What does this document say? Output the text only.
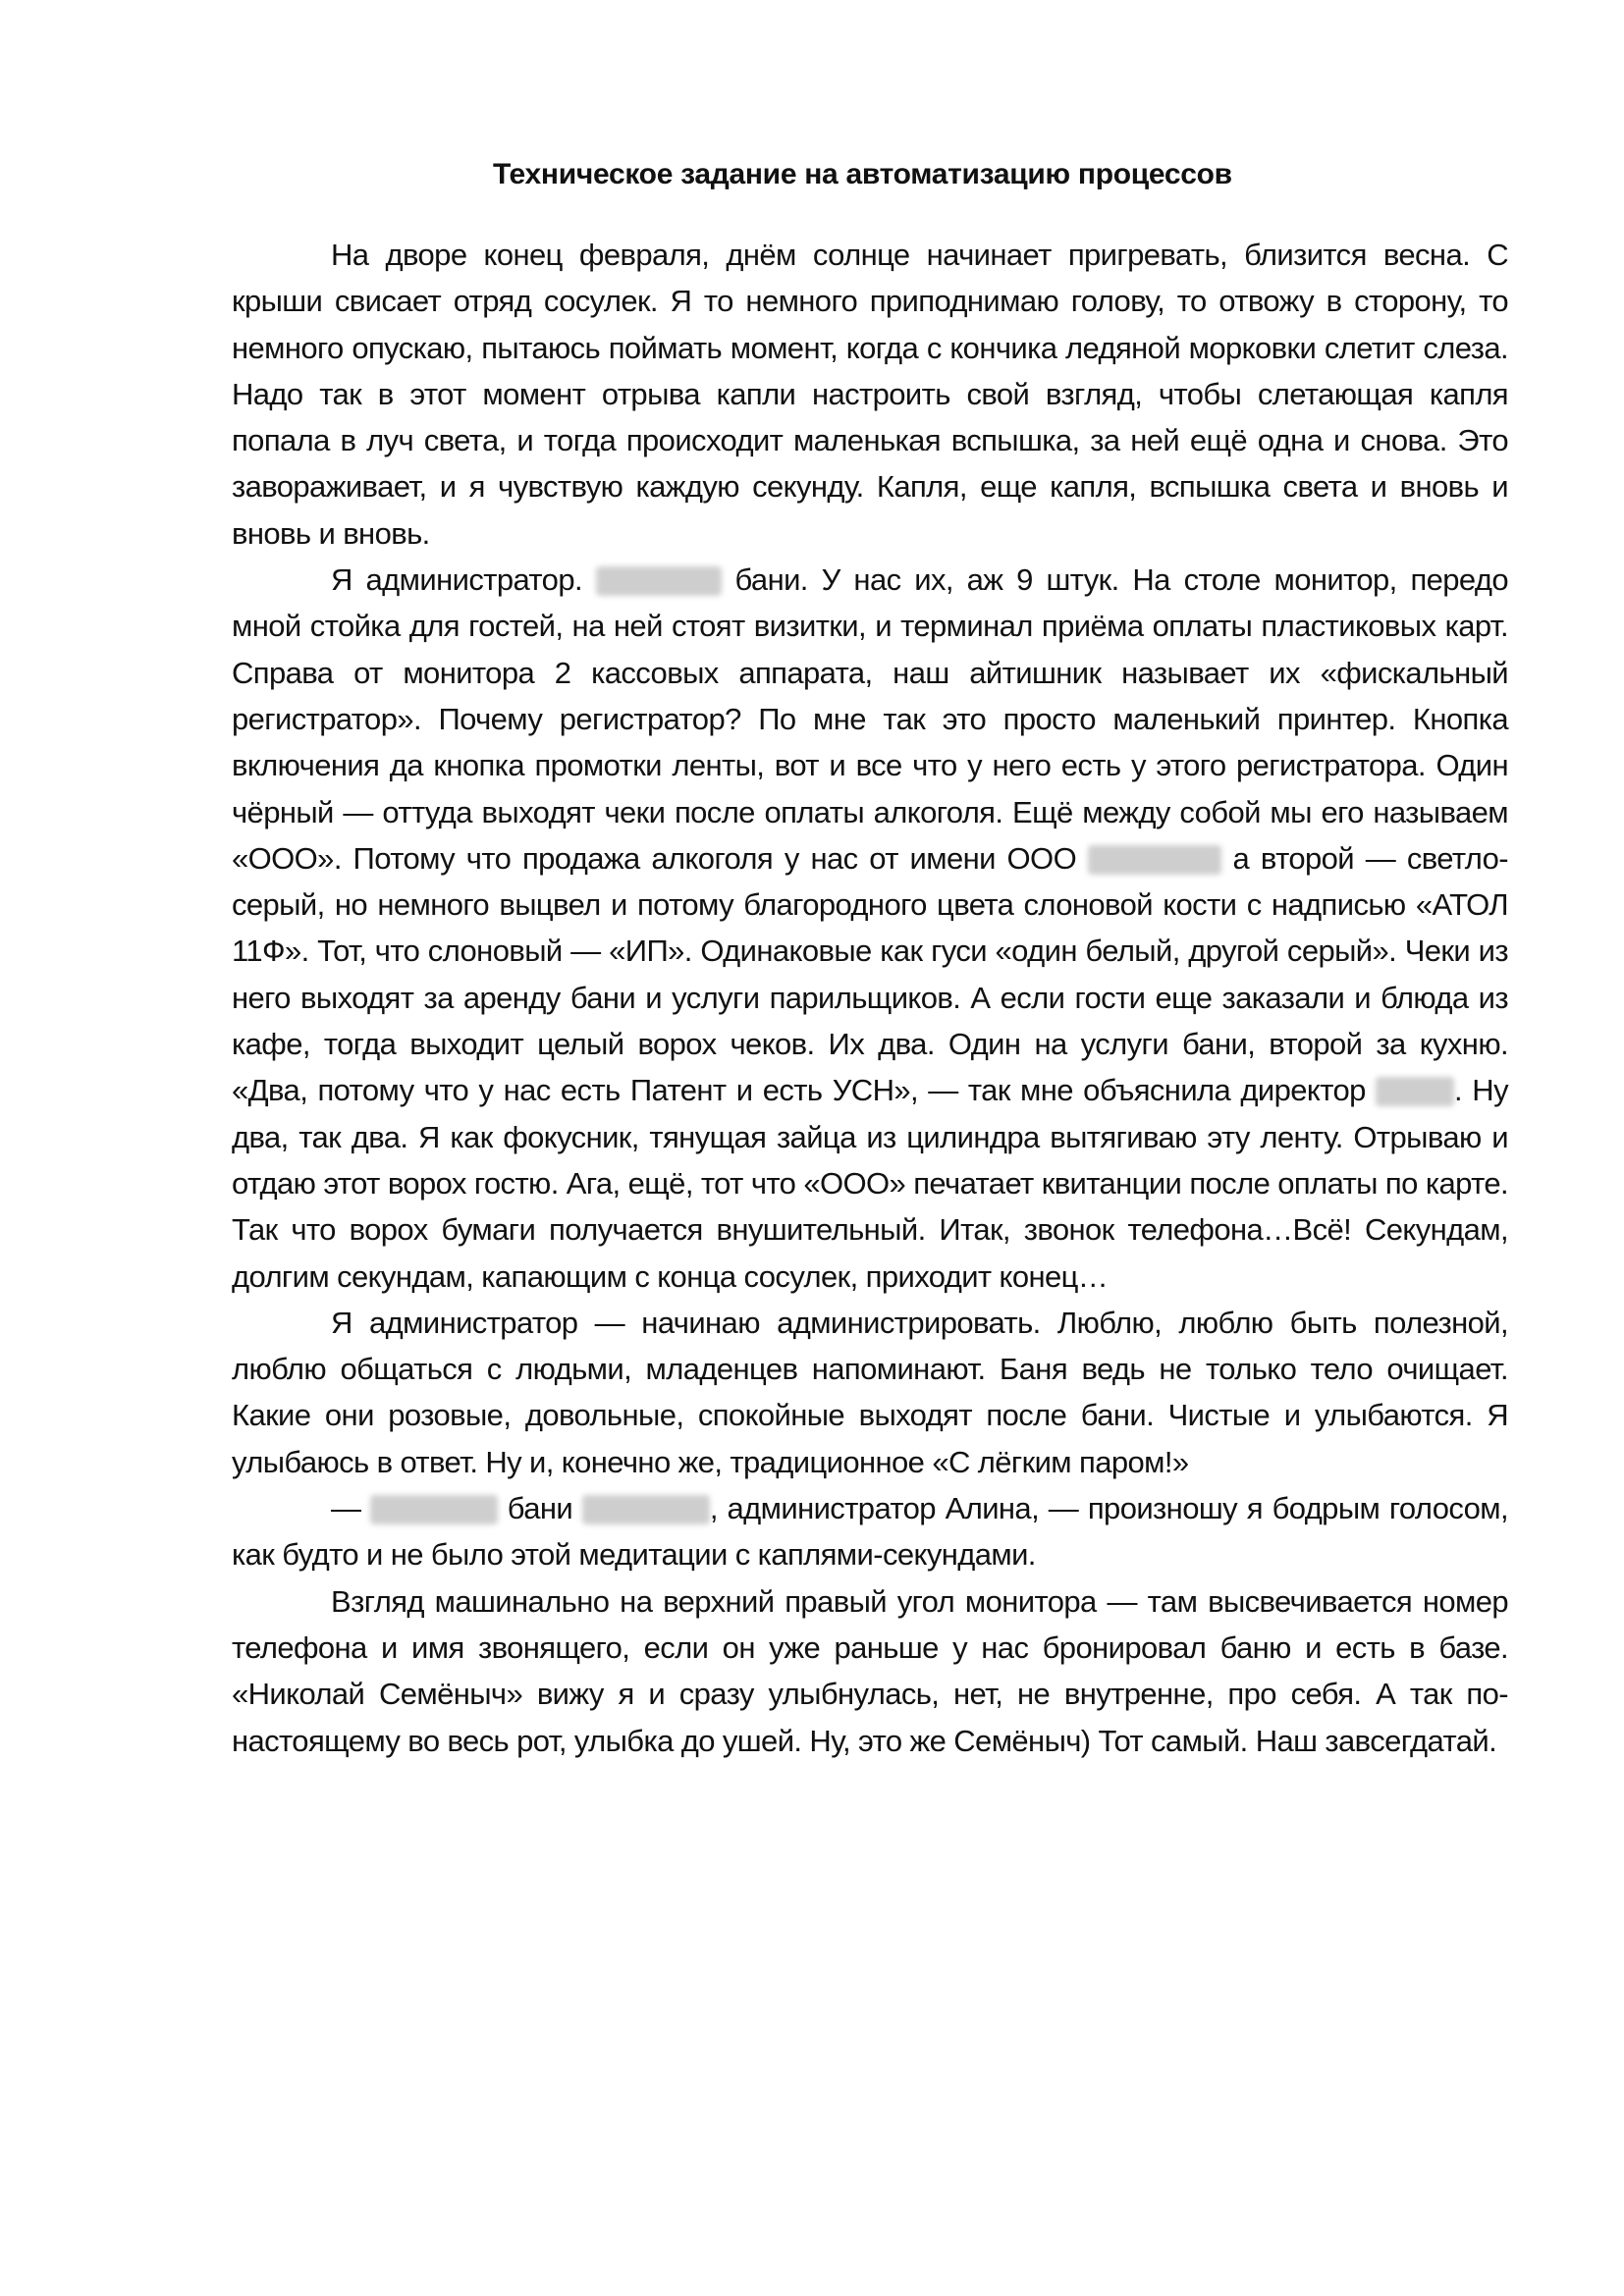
Техническое задание на автоматизацию процессов

На дворе конец февраля, днём солнце начинает пригревать, близится весна. С крыши свисает отряд сосулек. Я то немного приподнимаю голову, то отвожу в сторону, то немного опускаю, пытаюсь поймать момент, когда с кончика ледяной морковки слетит слеза. Надо так в этот момент отрыва капли настроить свой взгляд, чтобы слетающая капля попала в луч света, и тогда происходит маленькая вспышка, за ней ещё одна и снова. Это завораживает, и я чувствую каждую секунду. Капля, еще капля, вспышка света и вновь и вновь и вновь.

Я администратор.	бани. У нас их, аж 9 штук. На столе монитор, передо мной стойка для гостей, на ней стоят визитки, и терминал приёма оплаты пластиковых карт. Справа от монитора 2 кассовых аппарата, наш айтишник называет их «фискальный регистратор». Почему регистратор? По мне так это просто маленький принтер. Кнопка включения да кнопка промотки ленты, вот и все что у него есть у этого регистратора. Один чёрный — оттуда выходят чеки после оплаты алкоголя. Ещё между собой мы его называем «ООО». Потому что продажа алкоголя у нас от имени ООО	а второй — светло-серый, но немного выцвел и потому благородного цвета слоновой кости с надписью «АТОЛ 11Ф». Тот, что слоновый — «ИП». Одинаковые как гуси «один белый, другой серый». Чеки из него выходят за аренду бани и услуги парильщиков. А если гости еще заказали и блюда из кафе, тогда выходит целый ворох чеков. Их два. Один на услуги бани, второй за кухню. «Два, потому что у нас есть Патент и есть УСН», — так мне объяснила директор	. Ну два, так два. Я как фокусник, тянущая зайца из цилиндра вытягиваю эту ленту. Отрываю и отдаю этот ворох гостю. Ага, ещё, тот что «ООО» печатает квитанции после оплаты по карте. Так что ворох бумаги получается внушительный. Итак, звонок телефона…Всё! Секундам, долгим секундам, капающим с конца сосулек, приходит конец…

Я администратор — начинаю администрировать. Люблю, люблю быть полезной, люблю общаться с людьми, младенцев напоминают. Баня ведь не только тело очищает. Какие они розовые, довольные, спокойные выходят после бани. Чистые и улыбаются. Я улыбаюсь в ответ. Ну и, конечно же, традиционное «С лёгким паром!»

—	бани	, администратор Алина, — произношу я бодрым голосом, как будто и не было этой медитации с каплями-секундами.

Взгляд машинально на верхний правый угол монитора — там высвечивается номер телефона и имя звонящего, если он уже раньше у нас бронировал баню и есть в базе. «Николай Семёныч» вижу я и сразу улыбнулась, нет, не внутренне, про себя. А так по-настоящему во весь рот, улыбка до ушей. Ну, это же Семёныч) Тот самый. Наш завсегдатай.
